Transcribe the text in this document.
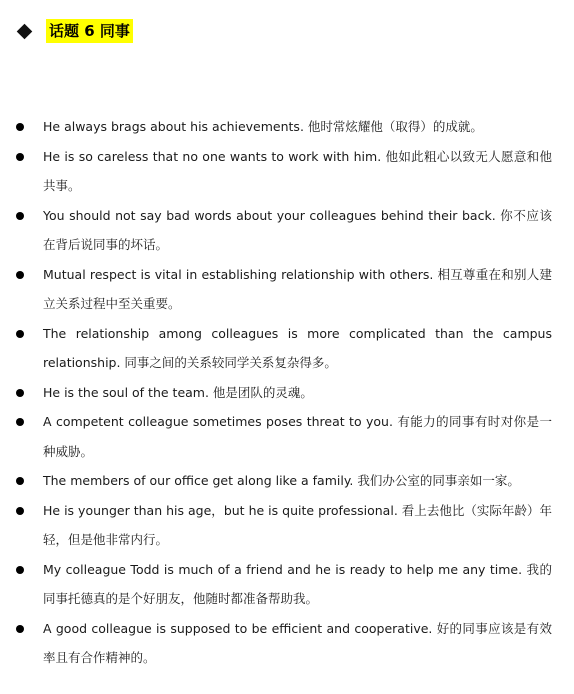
话题 6 同事
He always brags about his achievements. 他时常炫耀他（取得）的成就。
He is so careless that no one wants to work with him. 他如此粗心以致无人愿意和他共事。
You should not say bad words about your colleagues behind their back. 你不应该在背后说同事的坏话。
Mutual respect is vital in establishing relationship with others. 相互尊重在和别人建立关系过程中至关重要。
The relationship among colleagues is more complicated than the campus relationship. 同事之间的关系较同学关系复杂得多。
He is the soul of the team. 他是团队的灵魂。
A competent colleague sometimes poses threat to you. 有能力的同事有时对你是一种威胁。
The members of our office get along like a family. 我们办公室的同事亲如一家。
He is younger than his age，but he is quite professional. 看上去他比（实际年龄）年轻，但是他非常内行。
My colleague Todd is much of a friend and he is ready to help me any time. 我的同事托德真的是个好朋友，他随时都准备帮助我。
A good colleague is supposed to be efficient and cooperative. 好的同事应该是有效率且有合作精神的。
